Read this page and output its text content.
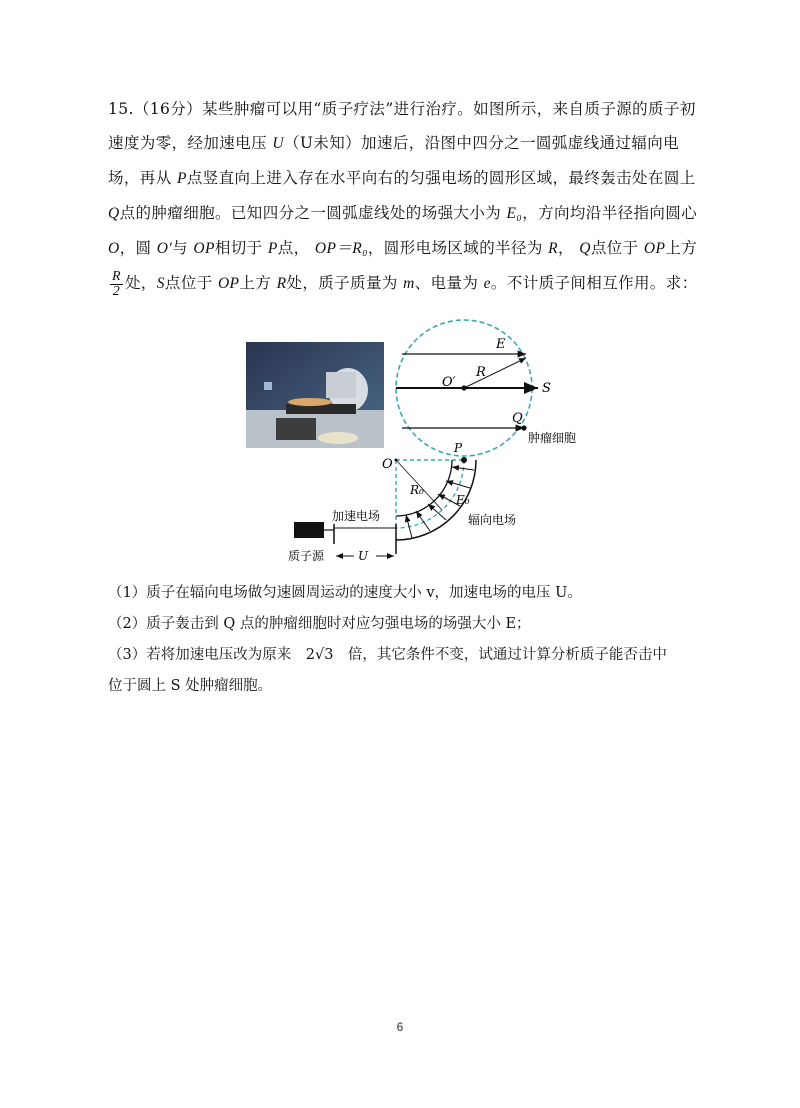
15.（16分）某些肿瘤可以用“质子疗法”进行治疗。如图所示，来自质子源的质子初速度为零，经加速电压 U（U未知）加速后，沿图中四分之一圆弧虚线通过辐向电场，再从 P点竖直向上进入存在水平向右的匀强电场的圆形区域，最终轰击处在圆上 Q点的肿瘤细胞。已知四分之一圆弧虚线处的场强大小为 E₀，方向均沿半径指向圆心 O，圆 O′与 OP相切于 P点， OP＝R₀，圆形电场区域的半径为 R， Q点位于 OP上方
$\frac{R}{2}$ 处，S点位于 OP上方 R处，质子质量为 m、电量为 e。不计质子间相互作用。求：

E
R
O′	S
Q
肿瘤细胞
O
R₀
P
E₀
辐向电场
加速电场
质子源	U

（1）质子在辐向电场做匀速圆周运动的速度大小 v，加速电场的电压 U。

（2）质子轰击到 Q 点的肿瘤细胞时对应匀强电场的场强大小 E；

（3）若将加速电压改为原来　2√3　倍，其它条件不变，试通过计算分析质子能否击中

位于圆上 S 处肿瘤细胞。

6
